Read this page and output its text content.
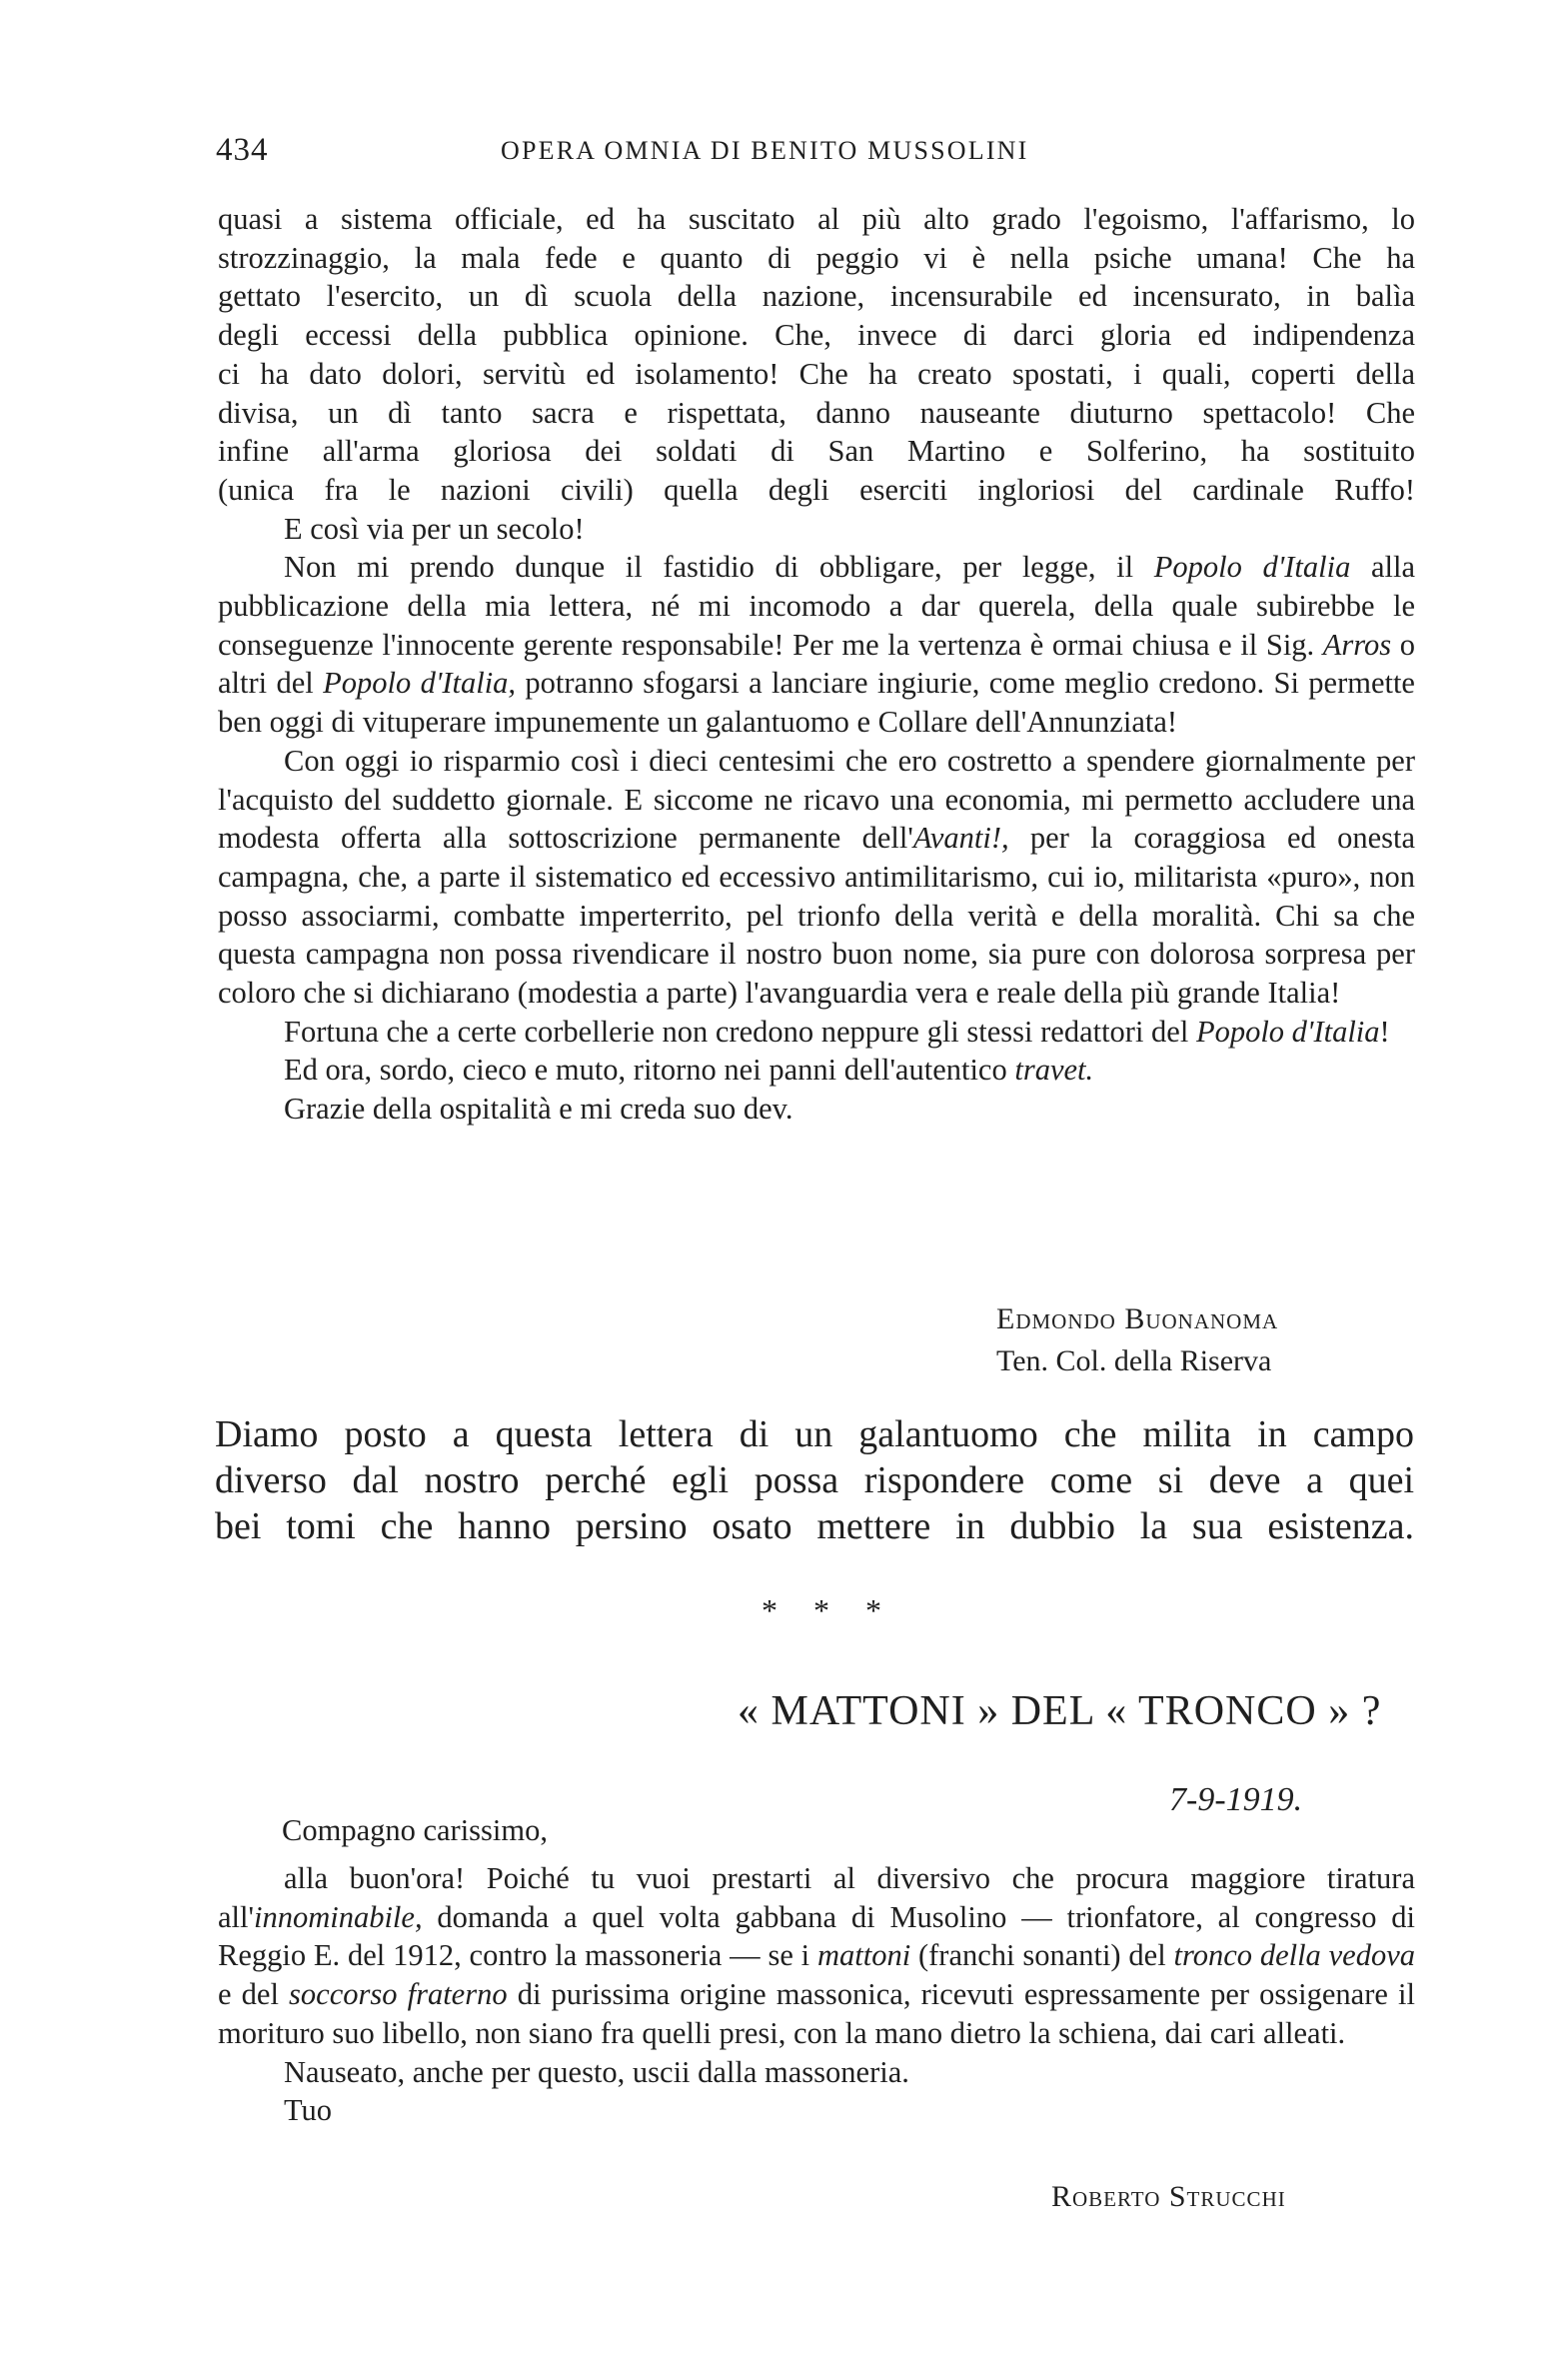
434	OPERA OMNIA DI BENITO MUSSOLINI

quasi a sistema officiale, ed ha suscitato al più alto grado l'egoismo, l'affarismo, lo

strozzinaggio, la mala fede e quanto di peggio vi è nella psiche umana! Che ha

gettato l'esercito, un dì scuola della nazione, incensurabile ed incensurato, in balìa

degli eccessi della pubblica opinione. Che, invece di darci gloria ed indipendenza

ci ha dato dolori, servitù ed isolamento! Che ha creato spostati, i quali, coperti della

divisa, un dì tanto sacra e rispettata, danno nauseante diuturno spettacolo! Che

infine all'arma gloriosa dei soldati di San Martino e Solferino, ha sostituito

(unica fra le nazioni civili) quella degli eserciti ingloriosi del cardinale Ruffo!

E così via per un secolo!

Non mi prendo dunque il fastidio di obbligare, per legge, il Popolo d'Italia alla pubblicazione della mia lettera, né mi incomodo a dar querela, della quale subirebbe le conseguenze l'innocente gerente responsabile! Per me la vertenza è ormai chiusa e il Sig. Arros o altri del Popolo d'Italia, potranno sfogarsi a lanciare ingiurie, come meglio credono. Si permette ben oggi di vituperare impunemente un galantuomo e Collare dell'Annunziata!

Con oggi io risparmio così i dieci centesimi che ero costretto a spendere giornalmente per l'acquisto del suddetto giornale. E siccome ne ricavo una economia, mi permetto accludere una modesta offerta alla sottoscrizione permanente dell'Avanti!, per la coraggiosa ed onesta campagna, che, a parte il sistematico ed eccessivo antimilitarismo, cui io, militarista «puro», non posso associarmi, combatte imperterrito, pel trionfo della verità e della moralità. Chi sa che questa campagna non possa rivendicare il nostro buon nome, sia pure con dolorosa sorpresa per coloro che si dichiarano (modestia a parte) l'avanguardia vera e reale della più grande Italia!

Fortuna che a certe corbellerie non credono neppure gli stessi redattori del Popolo d'Italia!

Ed ora, sordo, cieco e muto, ritorno nei panni dell'autentico travet.

Grazie della ospitalità e mi creda suo dev.

Edmondo Buonanoma
Ten. Col. della Riserva
Diamo posto a questa lettera di un galantuomo che milita in campo
diverso dal nostro perché egli possa rispondere come si deve a quei
bei tomi che hanno persino osato mettere in dubbio la sua esistenza.
* * *
« MATTONI » DEL « TRONCO » ?
7-9-1919.
Compagno carissimo,

alla buon'ora! Poiché tu vuoi prestarti al diversivo che procura maggiore tiratura all'innominabile, domanda a quel volta gabbana di Musolino — trionfatore, al congresso di Reggio E. del 1912, contro la massoneria — se i mattoni (franchi sonanti) del tronco della vedova e del soccorso fraterno di purissima origine massonica, ricevuti espressamente per ossigenare il morituro suo libello, non siano fra quelli presi, con la mano dietro la schiena, dai cari alleati.

Nauseato, anche per questo, uscii dalla massoneria.

Tuo

Roberto Strucchi
